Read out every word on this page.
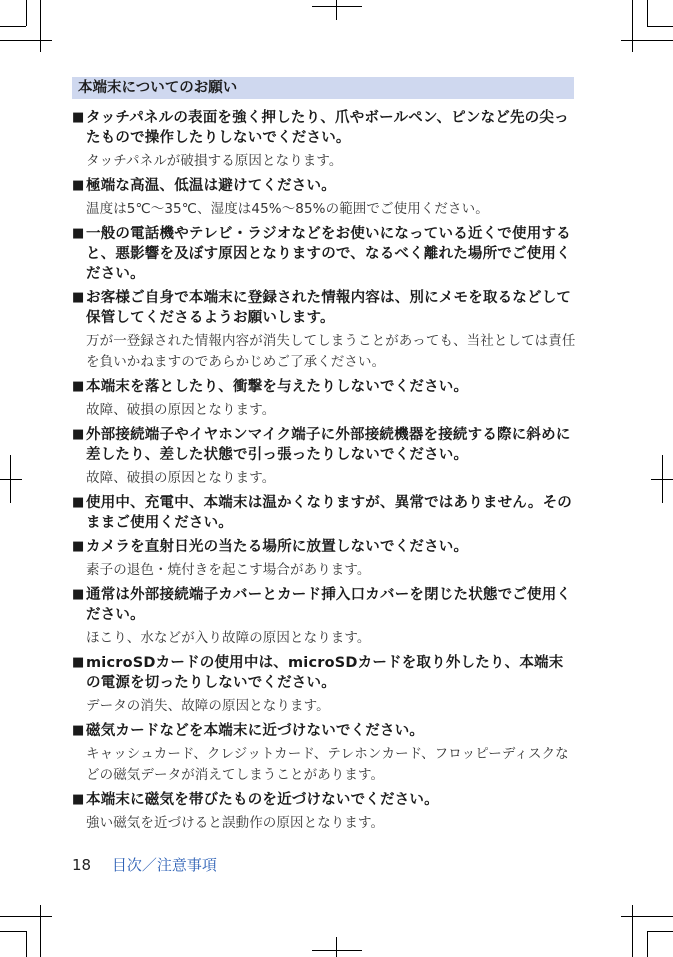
本端末についてのお願い
■ タッチパネルの表面を強く押したり、爪やボールペン、ピンなど先の尖ったもので操作したりしないでください。
タッチパネルが破損する原因となります。
■ 極端な高温、低温は避けてください。
温度は5℃～35℃、湿度は45%～85%の範囲でご使用ください。
■ 一般の電話機やテレビ・ラジオなどをお使いになっている近くで使用すると、悪影響を及ぼす原因となりますので、なるべく離れた場所でご使用ください。
■ お客様ご自身で本端末に登録された情報内容は、別にメモを取るなどして保管してくださるようお願いします。
万が一登録された情報内容が消失してしまうことがあっても、当社としては責任を負いかねますのであらかじめご了承ください。
■ 本端末を落としたり、衝撃を与えたりしないでください。
故障、破損の原因となります。
■ 外部接続端子やイヤホンマイク端子に外部接続機器を接続する際に斜めに差したり、差した状態で引っ張ったりしないでください。
故障、破損の原因となります。
■ 使用中、充電中、本端末は温かくなりますが、異常ではありません。そのままご使用ください。
■ カメラを直射日光の当たる場所に放置しないでください。
素子の退色・焼付きを起こす場合があります。
■ 通常は外部接続端子カバーとカード挿入口カバーを閉じた状態でご使用ください。
ほこり、水などが入り故障の原因となります。
■ microSDカードの使用中は、microSDカードを取り外したり、本端末の電源を切ったりしないでください。
データの消失、故障の原因となります。
■ 磁気カードなどを本端末に近づけないでください。
キャッシュカード、クレジットカード、テレホンカード、フロッピーディスクなどの磁気データが消えてしまうことがあります。
■ 本端末に磁気を帯びたものを近づけないでください。
強い磁気を近づけると誤動作の原因となります。
18 目次／注意事項
